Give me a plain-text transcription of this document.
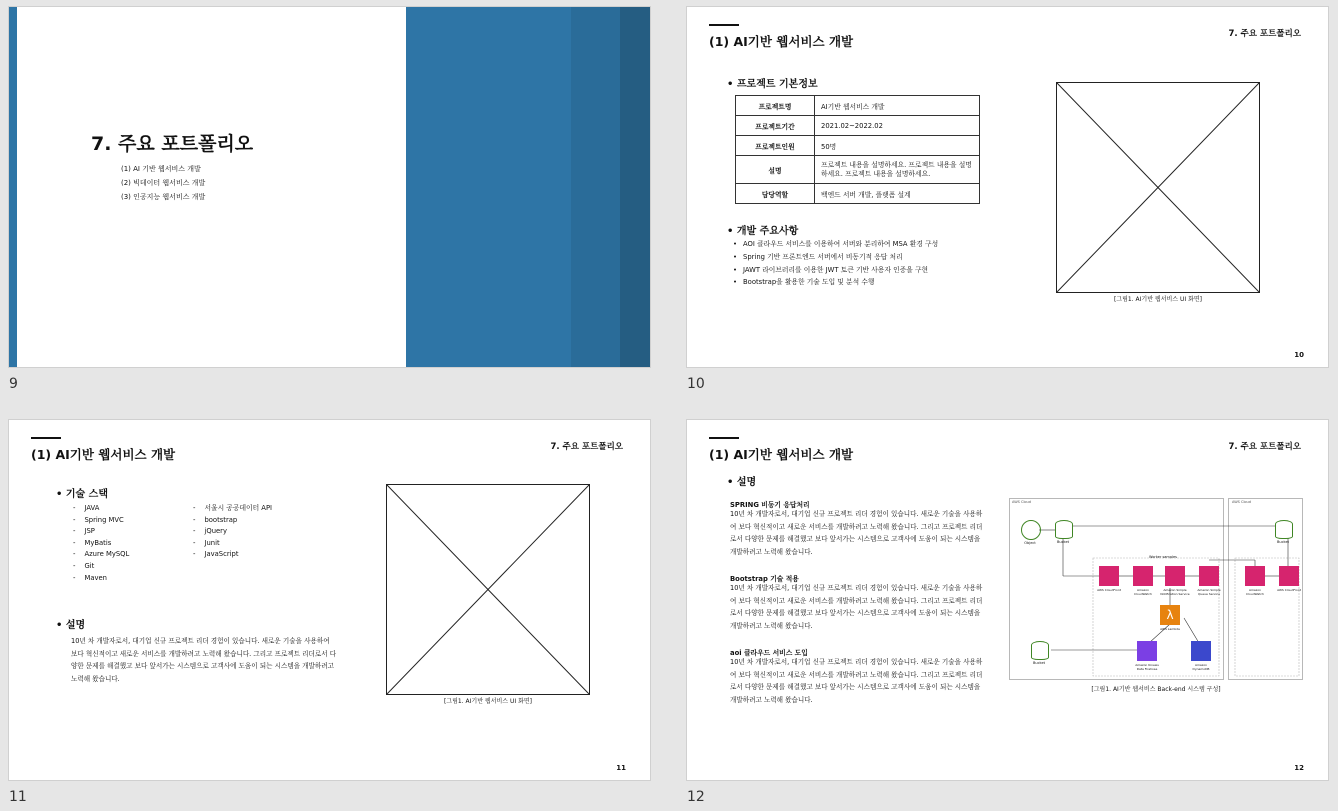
7. 주요 포트폴리오
(1) AI 기반 웹서비스 개발
(2) 빅데이터 웹서비스 개발
(3) 인공지능 웹서비스 개발
9
(1) AI기반 웹서비스 개발	7. 주요 포트폴리오
• 프로젝트 기본정보
프로젝트명	AI기반 웹서비스 개발
프로젝트기간	2021.02~2022.02
프로젝트인원	50명
설명	프로젝트 내용을 설명하세요. 프로젝트 내용을 설명하세요. 프로젝트 내용을 설명하세요.
담당역할	백엔드 서버 개발, 플랫폼 설계
• 개발 주요사항
• AOI 클라우드 서비스를 이용하여 서버와 분리하여 MSA 환경 구성
• Spring 기반 프론트엔드 서버에서 비동기적 응답 처리
• JAWT 라이브러리를 이용한 JWT 토큰 기반 사용자 인증을 구현
• Bootstrap을 활용한 기술 도입 및 분석 수행
[그림1. AI기반 웹서비스 UI 화면]
10
10
(1) AI기반 웹서비스 개발	7. 주요 포트폴리오
• 기술 스택
- JAVA
- Spring MVC
- JSP
- MyBatis
- Azure MySQL
- Git
- Maven
- 서울시 공공데이터 API
- bootstrap
- jQuery
- Junit
- JavaScript
• 설명
10년 차 개발자로서, 대기업 신규 프로젝트 리더 경험이 있습니다. 새로운 기술을 사용하여 보다 혁신적이고 새로운 서비스를 개발하려고 노력해 왔습니다. 그리고 프로젝트 리더로서 다양한 문제를 해결했고 보다 앞서가는 시스템으로 고객사에 도움이 되는 시스템을 개발하려고 노력해 왔습니다.
[그림1. AI기반 웹서비스 UI 화면]
11
11
(1) AI기반 웹서비스 개발	7. 주요 포트폴리오
• 설명
SPRING 비동기 응답처리
10년 차 개발자로서, 대기업 신규 프로젝트 리더 경험이 있습니다. 새로운 기술을 사용하여 보다 혁신적이고 새로운 서비스를 개발하려고 노력해 왔습니다. 그리고 프로젝트 리더로서 다양한 문제를 해결했고 보다 앞서가는 시스템으로 고객사에 도움이 되는 시스템을 개발하려고 노력해 왔습니다.
Bootstrap 기술 적용
10년 차 개발자로서, 대기업 신규 프로젝트 리더 경험이 있습니다. 새로운 기술을 사용하여 보다 혁신적이고 새로운 서비스를 개발하려고 노력해 왔습니다. 그리고 프로젝트 리더로서 다양한 문제를 해결했고 보다 앞서가는 시스템으로 고객사에 도움이 되는 시스템을 개발하려고 노력해 왔습니다.
aoi 클라우드 서비스 도입
10년 차 개발자로서, 대기업 신규 프로젝트 리더 경험이 있습니다. 새로운 기술을 사용하여 보다 혁신적이고 새로운 서비스를 개발하려고 노력해 왔습니다. 그리고 프로젝트 리더로서 다양한 문제를 해결했고 보다 앞서가는 시스템으로 고객사에 도움이 되는 시스템을 개발하려고 노력해 왔습니다.
AWS Cloud	AWS Cloud
Object	Bucket	Bucket
Worker samples
AWS CloudFront	Amazon CloudWatch
Amazon Simple Notification Service
Amazon Simple Queue Service
Amazon CloudWatch
AWS CloudFront
λ
AWS Lambda
Bucket	Amazon Kinesis Data Firehose
Amazon DynamoDB
[그림1. AI기반 웹서비스 Back-end 시스템 구성]
12
12
